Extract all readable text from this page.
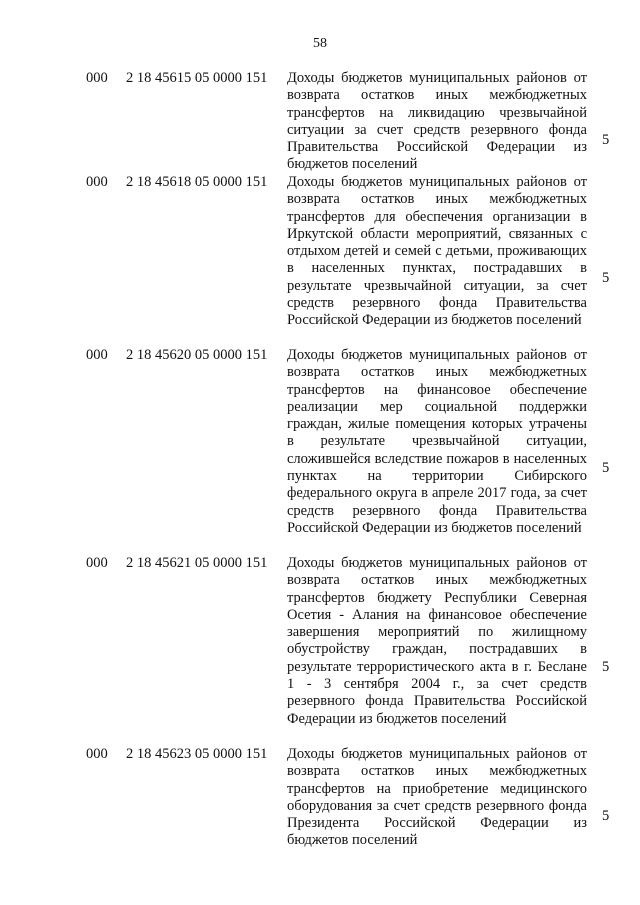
58
000 2 18 45615 05 0000 151 Доходы бюджетов муниципальных районов от возврата остатков иных межбюджетных трансфертов на ликвидацию чрезвычайной ситуации за счет средств резервного фонда Правительства Российской Федерации из бюджетов поселений
5
000 2 18 45618 05 0000 151 Доходы бюджетов муниципальных районов от возврата остатков иных межбюджетных трансфертов для обеспечения организации в Иркутской области мероприятий, связанных с отдыхом детей и семей с детьми, проживающих в населенных пунктах, пострадавших в результате чрезвычайной ситуации, за счет средств резервного фонда Правительства Российской Федерации из бюджетов поселений
5
000 2 18 45620 05 0000 151 Доходы бюджетов муниципальных районов от возврата остатков иных межбюджетных трансфертов на финансовое обеспечение реализации мер социальной поддержки граждан, жилые помещения которых утрачены в результате чрезвычайной ситуации, сложившейся вследствие пожаров в населенных пунктах на территории Сибирского федерального округа в апреле 2017 года, за счет средств резервного фонда Правительства Российской Федерации из бюджетов поселений
5
000 2 18 45621 05 0000 151 Доходы бюджетов муниципальных районов от возврата остатков иных межбюджетных трансфертов бюджету Республики Северная Осетия - Алания на финансовое обеспечение завершения мероприятий по жилищному обустройству граждан, пострадавших в результате террористического акта в г. Беслане 1 - 3 сентября 2004 г., за счет средств резервного фонда Правительства Российской Федерации из бюджетов поселений
5
000 2 18 45623 05 0000 151 Доходы бюджетов муниципальных районов от возврата остатков иных межбюджетных трансфертов на приобретение медицинского оборудования за счет средств резервного фонда Президента Российской Федерации из бюджетов поселений
5
